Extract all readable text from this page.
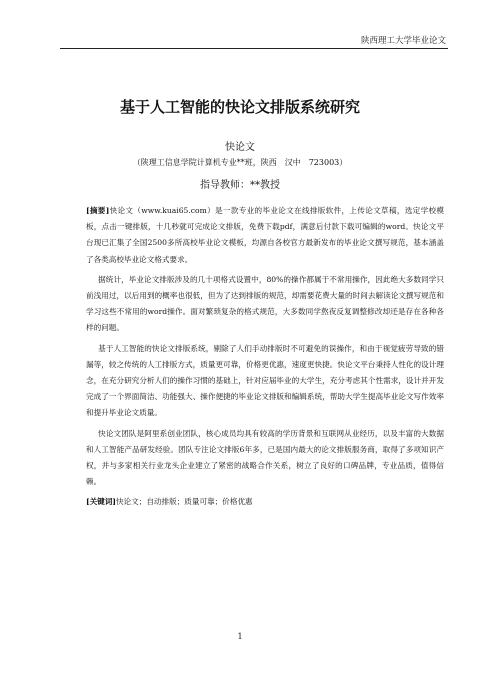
陕西理工大学毕业论文
基于人工智能的快论文排版系统研究
快论文
（陕理工信息学院计算机专业**班，陕西　汉中　723003）
指导教师：**教授

[摘要]快论文（www.kuai65.com）是一款专业的毕业论文在线排版软件，上传论文草稿，选定学校模板，点击一键排版，十几秒就可完成论文排版，免费下载pdf，满意后付款下载可编辑的word。快论文平台现已汇集了全国2500多所高校毕业论文模板，均源自各校官方最新发布的毕业论文撰写规范，基本涵盖了各类高校毕业论文格式要求。

据统计，毕业论文排版涉及的几十项格式设置中，80%的操作都属于不常用操作，因此绝大多数同学只前浅用过，以后用到的概率也很低，但为了达到排版的规范，却需要花费大量的时间去解读论文撰写规范和学习这些不常用的word操作。面对繁琐复杂的格式规范，大多数同学熬夜反复调整修改却还是存在各种各样的问题。

基于人工智能的快论文排版系统，剔除了人们手动排版时不可避免的误操作，和由于视觉疲劳导致的错漏等，较之传统的人工排版方式，质量更可靠，价格更优惠，速度更快捷。快论文平台秉持人性化的设计理念，在充分研究分析人们的操作习惯的基础上，针对应届毕业的大学生，充分考虑其个性需求，设计并开发完成了一个界面简洁、功能强大、操作便捷的毕业论文排版和编辑系统，帮助大学生提高毕业论文写作效率和提升毕业论文质量。

快论文团队是阿里系创业团队，核心成员均具有较高的学历背景和互联网从业经历，以及丰富的大数据和人工智能产品研发经验。团队专注论文排版6年多，已是国内最大的论文排版服务商，取得了多项知识产权，并与多家相关行业龙头企业建立了紧密的战略合作关系，树立了良好的口碑品牌，专业品质，值得信赖。

[关键词]快论文；自动排版；质量可靠；价格优惠

1
